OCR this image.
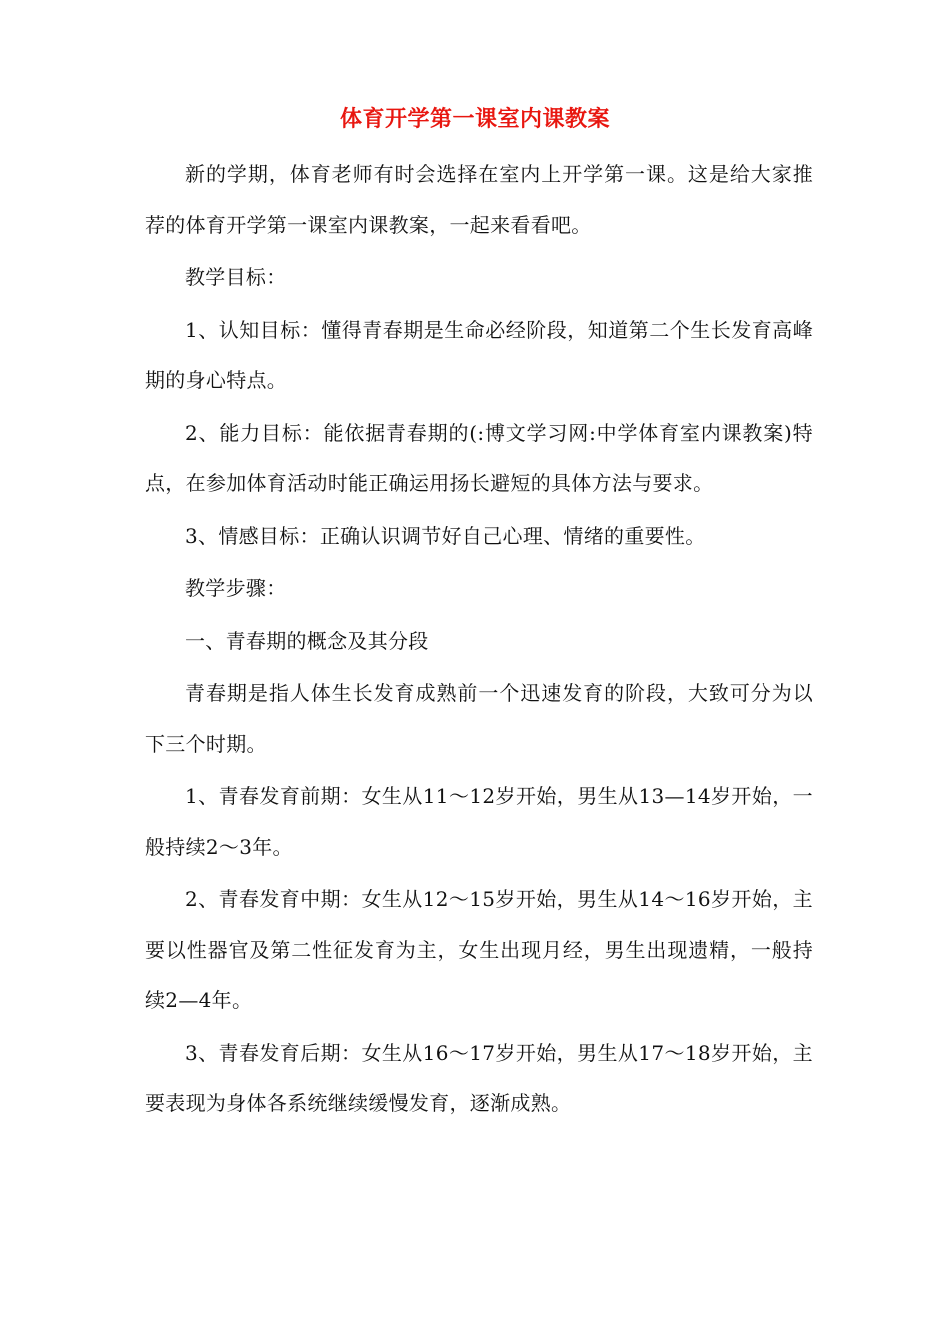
体育开学第一课室内课教案

新的学期，体育老师有时会选择在室内上开学第一课。这是给大家推荐的体育开学第一课室内课教案，一起来看看吧。

教学目标：

1、认知目标：懂得青春期是生命必经阶段，知道第二个生长发育高峰期的身心特点。

2、能力目标：能依据青春期的(:博文学习网:中学体育室内课教案)特点，在参加体育活动时能正确运用扬长避短的具体方法与要求。

3、情感目标：正确认识调节好自己心理、情绪的重要性。

教学步骤：

一、青春期的概念及其分段

青春期是指人体生长发育成熟前一个迅速发育的阶段，大致可分为以下三个时期。

1、青春发育前期：女生从11～12岁开始，男生从13—14岁开始，一般持续2～3年。

2、青春发育中期：女生从12～15岁开始，男生从14～16岁开始，主要以性器官及第二性征发育为主，女生出现月经，男生出现遗精，一般持续2—4年。

3、青春发育后期：女生从16～17岁开始，男生从17～18岁开始，主要表现为身体各系统继续缓慢发育，逐渐成熟。
